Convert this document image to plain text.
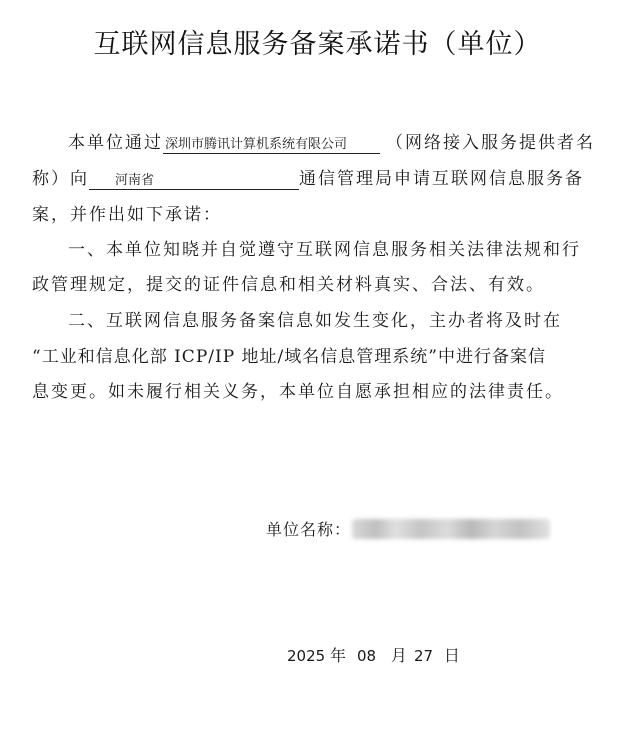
互联网信息服务备案承诺书（单位）
本单位通过 深圳市腾讯计算机系统有限公司 （网络接入服务提供者名
称）向 河南省	通信管理局申请互联网信息服务备
案，并作出如下承诺：
一、本单位知晓并自觉遵守互联网信息服务相关法律法规和行
政管理规定，提交的证件信息和相关材料真实、合法、有效。
二、互联网信息服务备案信息如发生变化，主办者将及时在
“工业和信息化部 ICP/IP 地址/域名信息管理系统”中进行备案信
息变更。如未履行相关义务，本单位自愿承担相应的法律责任。
单位名称：
2025 年 08 月 27 日
